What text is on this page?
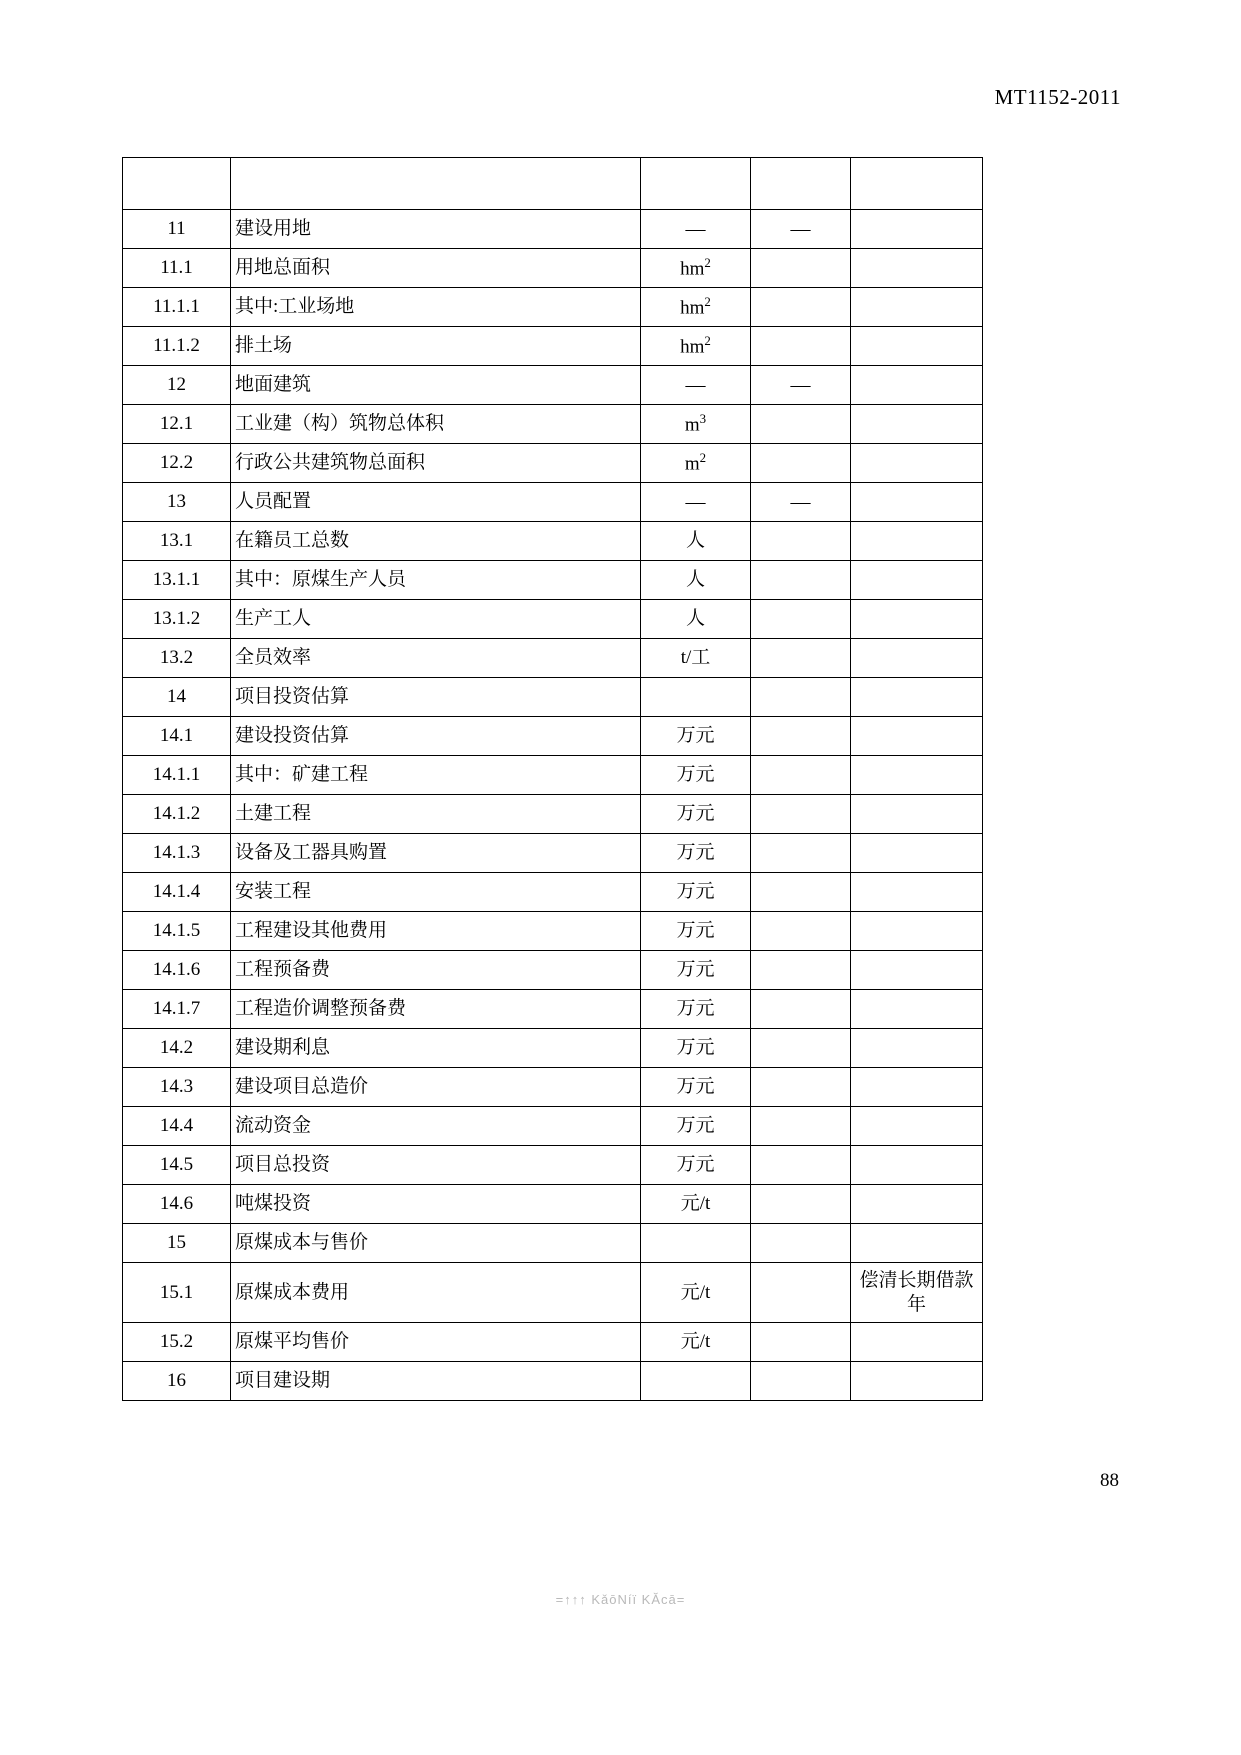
MT1152-2011

11	建设用地	—	—	
11.1	用地总面积	$hm^2$		
11.1.1	其中:工业场地	$hm^2$		
11.1.2	排土场	$hm^2$		
12	地面建筑	—	—	
12.1	工业建（构）筑物总体积	$m^3$		
12.2	行政公共建筑物总面积	$m^2$		
13	人员配置	—	—	
13.1	在籍员工总数	人		
13.1.1	其中：原煤生产人员	人		
13.1.2	生产工人	人		
13.2	全员效率	t/工		
14	项目投资估算			
14.1	建设投资估算	万元		
14.1.1	其中：矿建工程	万元		
14.1.2	土建工程	万元		
14.1.3	设备及工器具购置	万元		
14.1.4	安装工程	万元		
14.1.5	工程建设其他费用	万元		
14.1.6	工程预备费	万元		
14.1.7	工程造价调整预备费	万元		
14.2	建设期利息	万元		
14.3	建设项目总造价	万元		
14.4	流动资金	万元		
14.5	项目总投资	万元		
14.6	吨煤投资	元/t		
15	原煤成本与售价			
15.1	原煤成本费用	元/t		偿清长期借款年
15.2	原煤平均售价	元/t		
16	项目建设期			
88
=↑↑↑ KǎōNíï KĂcā=
